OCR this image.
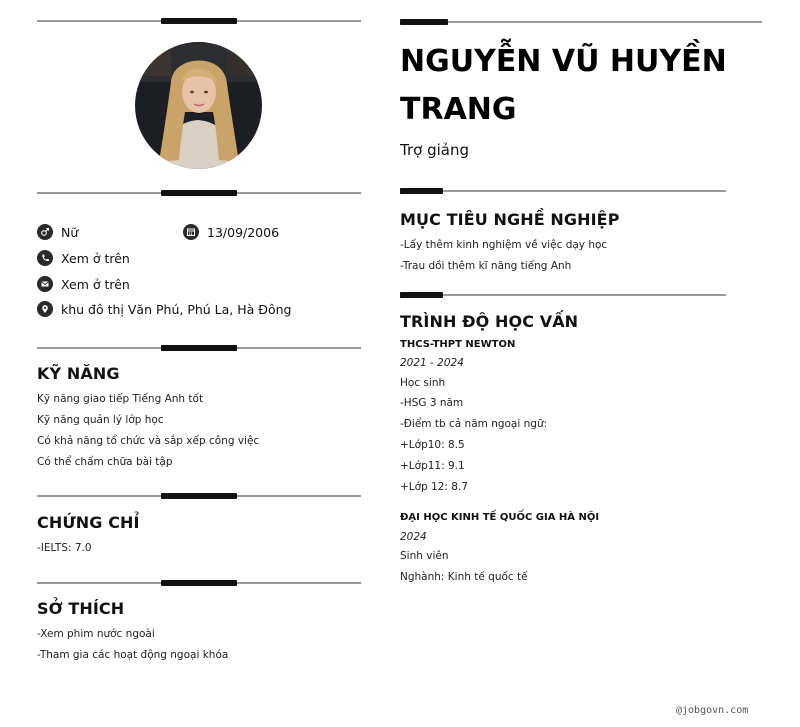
Nữ	13/09/2006
Xem ở trên
Xem ở trên
khu đô thị Văn Phú, Phú La, Hà Đông
KỸ NĂNG
Kỹ năng giao tiếp Tiếng Anh tốt
Kỹ năng quản lý lớp học
Có khả năng tổ chức và sắp xếp công việc
Có thể chấm chữa bài tập
CHỨNG CHỈ
-IELTS: 7.0
SỞ THÍCH
-Xem phim nước ngoài
-Tham gia các hoạt động ngoại khóa
NGUYỄN VŨ HUYỀN TRANG
Trợ giảng
MỤC TIÊU NGHỀ NGHIỆP
-Lấy thêm kinh nghiệm về việc dạy học
-Trau dồi thêm kĩ năng tiếng Anh
TRÌNH ĐỘ HỌC VẤN
THCS-THPT NEWTON
2021 - 2024
Học sinh
-HSG 3 năm
-Điểm tb cả năm ngoại ngữ:
+Lớp10: 8.5
+Lớp11: 9.1
+Lớp 12: 8.7
ĐẠI HỌC KINH TẾ QUỐC GIA HÀ NỘI
2024
Sinh viên
Nghành: Kinh tế quốc tế
@jobgovn.com
